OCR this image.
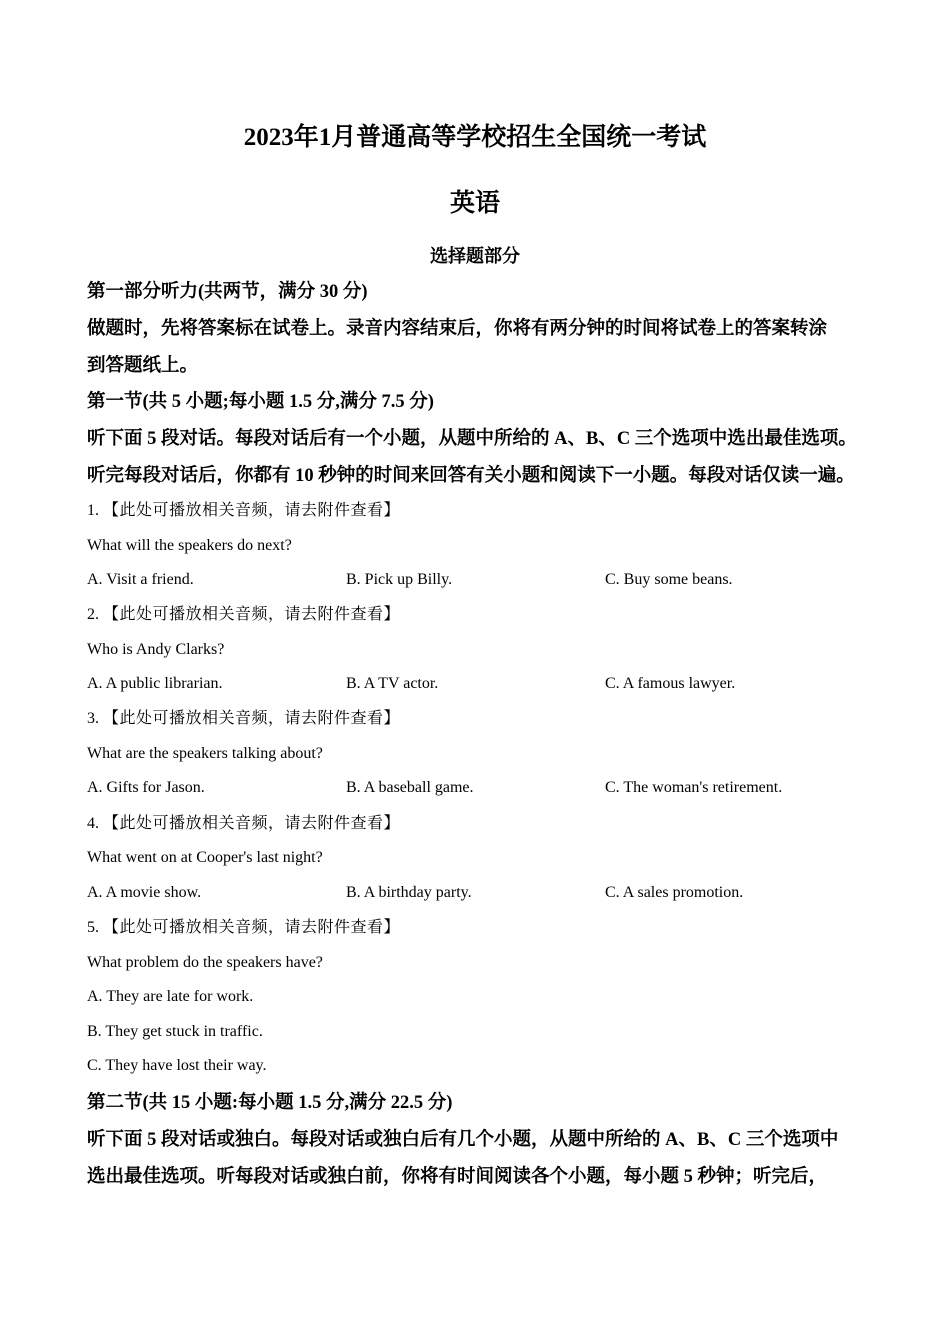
2023年1月普通高等学校招生全国统一考试
英语
选择题部分
第一部分听力(共两节，满分 30 分)
做题时，先将答案标在试卷上。录音内容结束后，你将有两分钟的时间将试卷上的答案转涂
到答题纸上。
第一节(共 5 小题;每小题 1.5 分,满分 7.5 分)
听下面 5 段对话。每段对话后有一个小题，从题中所给的 A、B、C 三个选项中选出最佳选项。
听完每段对话后，你都有 10 秒钟的时间来回答有关小题和阅读下一小题。每段对话仅读一遍。
1. 【此处可播放相关音频，请去附件查看】
What will the speakers do next?
A. Visit a friend.	B. Pick up Billy.	C. Buy some beans.
2. 【此处可播放相关音频，请去附件查看】
Who is Andy Clarks?
A. A public librarian.	B. A TV actor.	C. A famous lawyer.
3. 【此处可播放相关音频，请去附件查看】
What are the speakers talking about?
A. Gifts for Jason.	B. A baseball game.	C. The woman's retirement.
4. 【此处可播放相关音频，请去附件查看】
What went on at Cooper's last night?
A. A movie show.	B. A birthday party.	C. A sales promotion.
5. 【此处可播放相关音频，请去附件查看】
What problem do the speakers have?
A. They are late for work.
B. They get stuck in traffic.
C. They have lost their way.
第二节(共 15 小题:每小题 1.5 分,满分 22.5 分)
听下面 5 段对话或独白。每段对话或独白后有几个小题，从题中所给的 A、B、C 三个选项中
选出最佳选项。听每段对话或独白前，你将有时间阅读各个小题，每小题 5 秒钟；听完后，
